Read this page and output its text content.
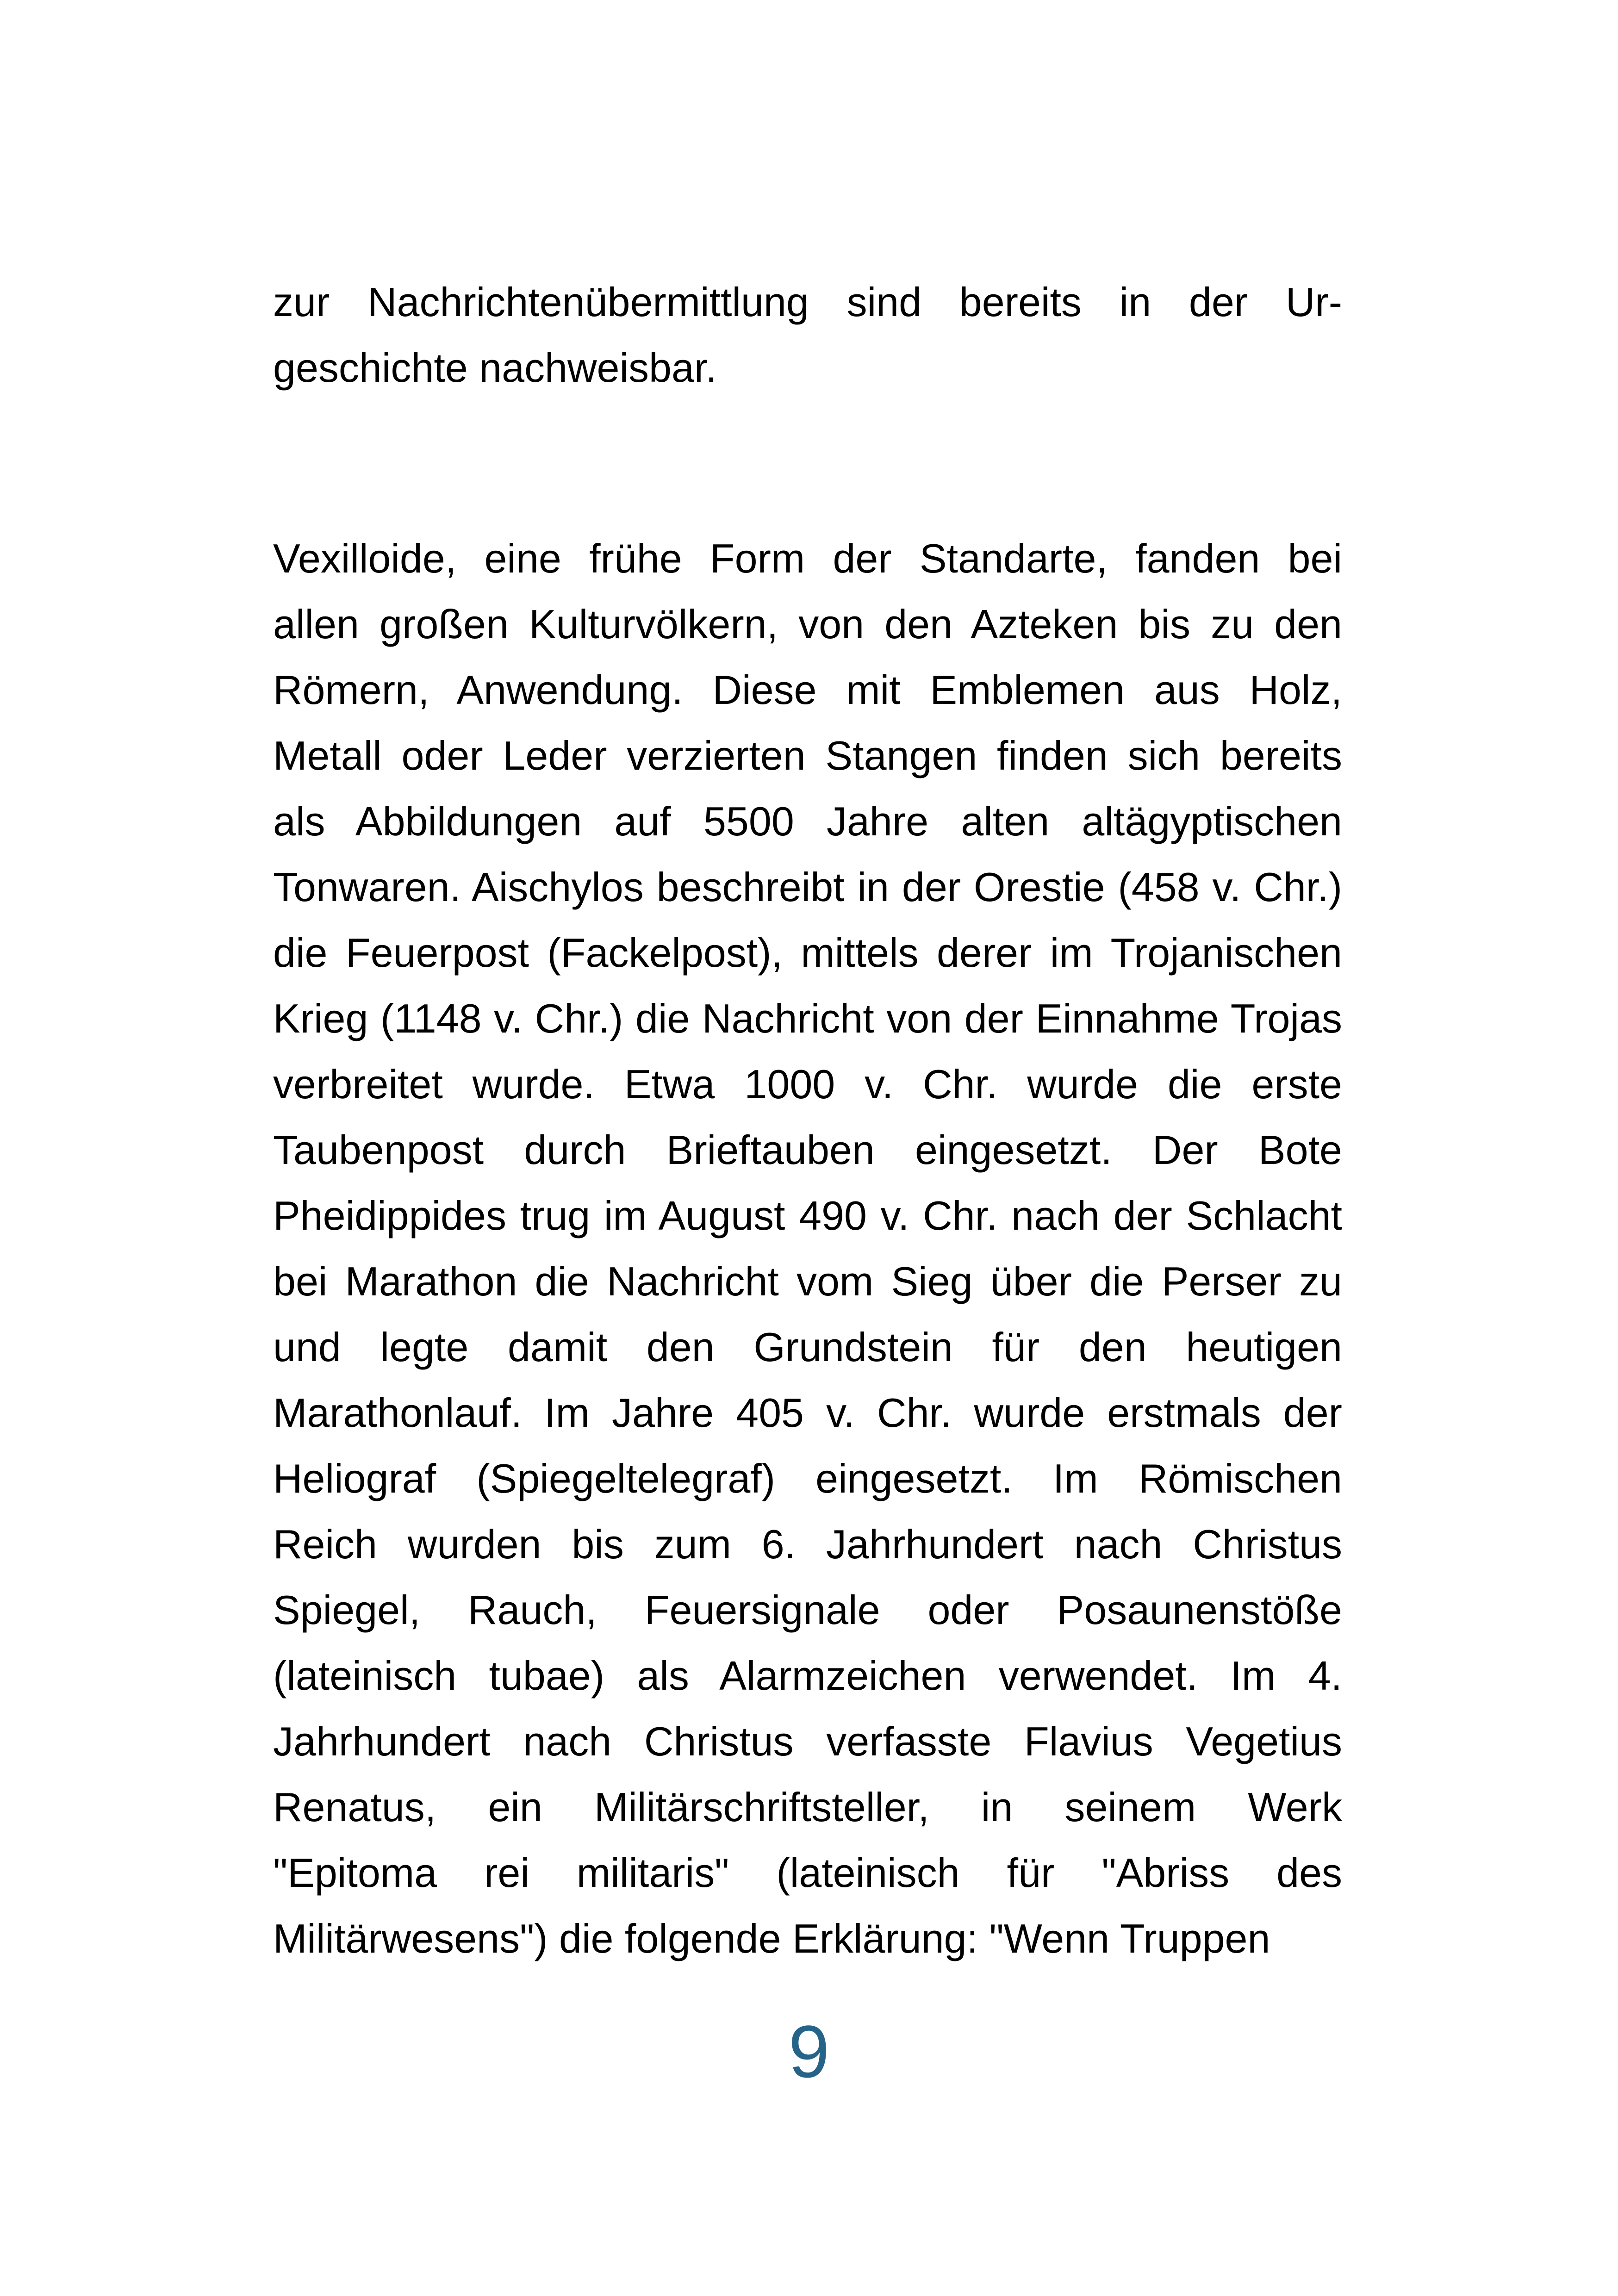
zur Nachrichtenübermittlung sind bereits in der Ur-
geschichte nachweisbar.
Vexilloide, eine frühe Form der Standarte, fanden bei
allen großen Kulturvölkern, von den Azteken bis zu den
Römern, Anwendung. Diese mit Emblemen aus Holz,
Metall oder Leder verzierten Stangen finden sich bereits
als Abbildungen auf 5500 Jahre alten altägyptischen
Tonwaren. Aischylos beschreibt in der Orestie (458 v. Chr.)
die Feuerpost (Fackelpost), mittels derer im Trojanischen
Krieg (1148 v. Chr.) die Nachricht von der Einnahme Trojas
verbreitet wurde. Etwa 1000 v. Chr. wurde die erste
Taubenpost durch Brieftauben eingesetzt. Der Bote
Pheidippides trug im August 490 v. Chr. nach der Schlacht
bei Marathon die Nachricht vom Sieg über die Perser zu
und legte damit den Grundstein für den heutigen
Marathonlauf. Im Jahre 405 v. Chr. wurde erstmals der
Heliograf (Spiegeltelegraf) eingesetzt. Im Römischen
Reich wurden bis zum 6. Jahrhundert nach Christus
Spiegel, Rauch, Feuersignale oder Posaunenstöße
(lateinisch tubae) als Alarmzeichen verwendet. Im 4.
Jahrhundert nach Christus verfasste Flavius Vegetius
Renatus, ein Militärschriftsteller, in seinem Werk
"Epitoma rei militaris" (lateinisch für "Abriss des
Militärwesens") die folgende Erklärung: "Wenn Truppen
9
